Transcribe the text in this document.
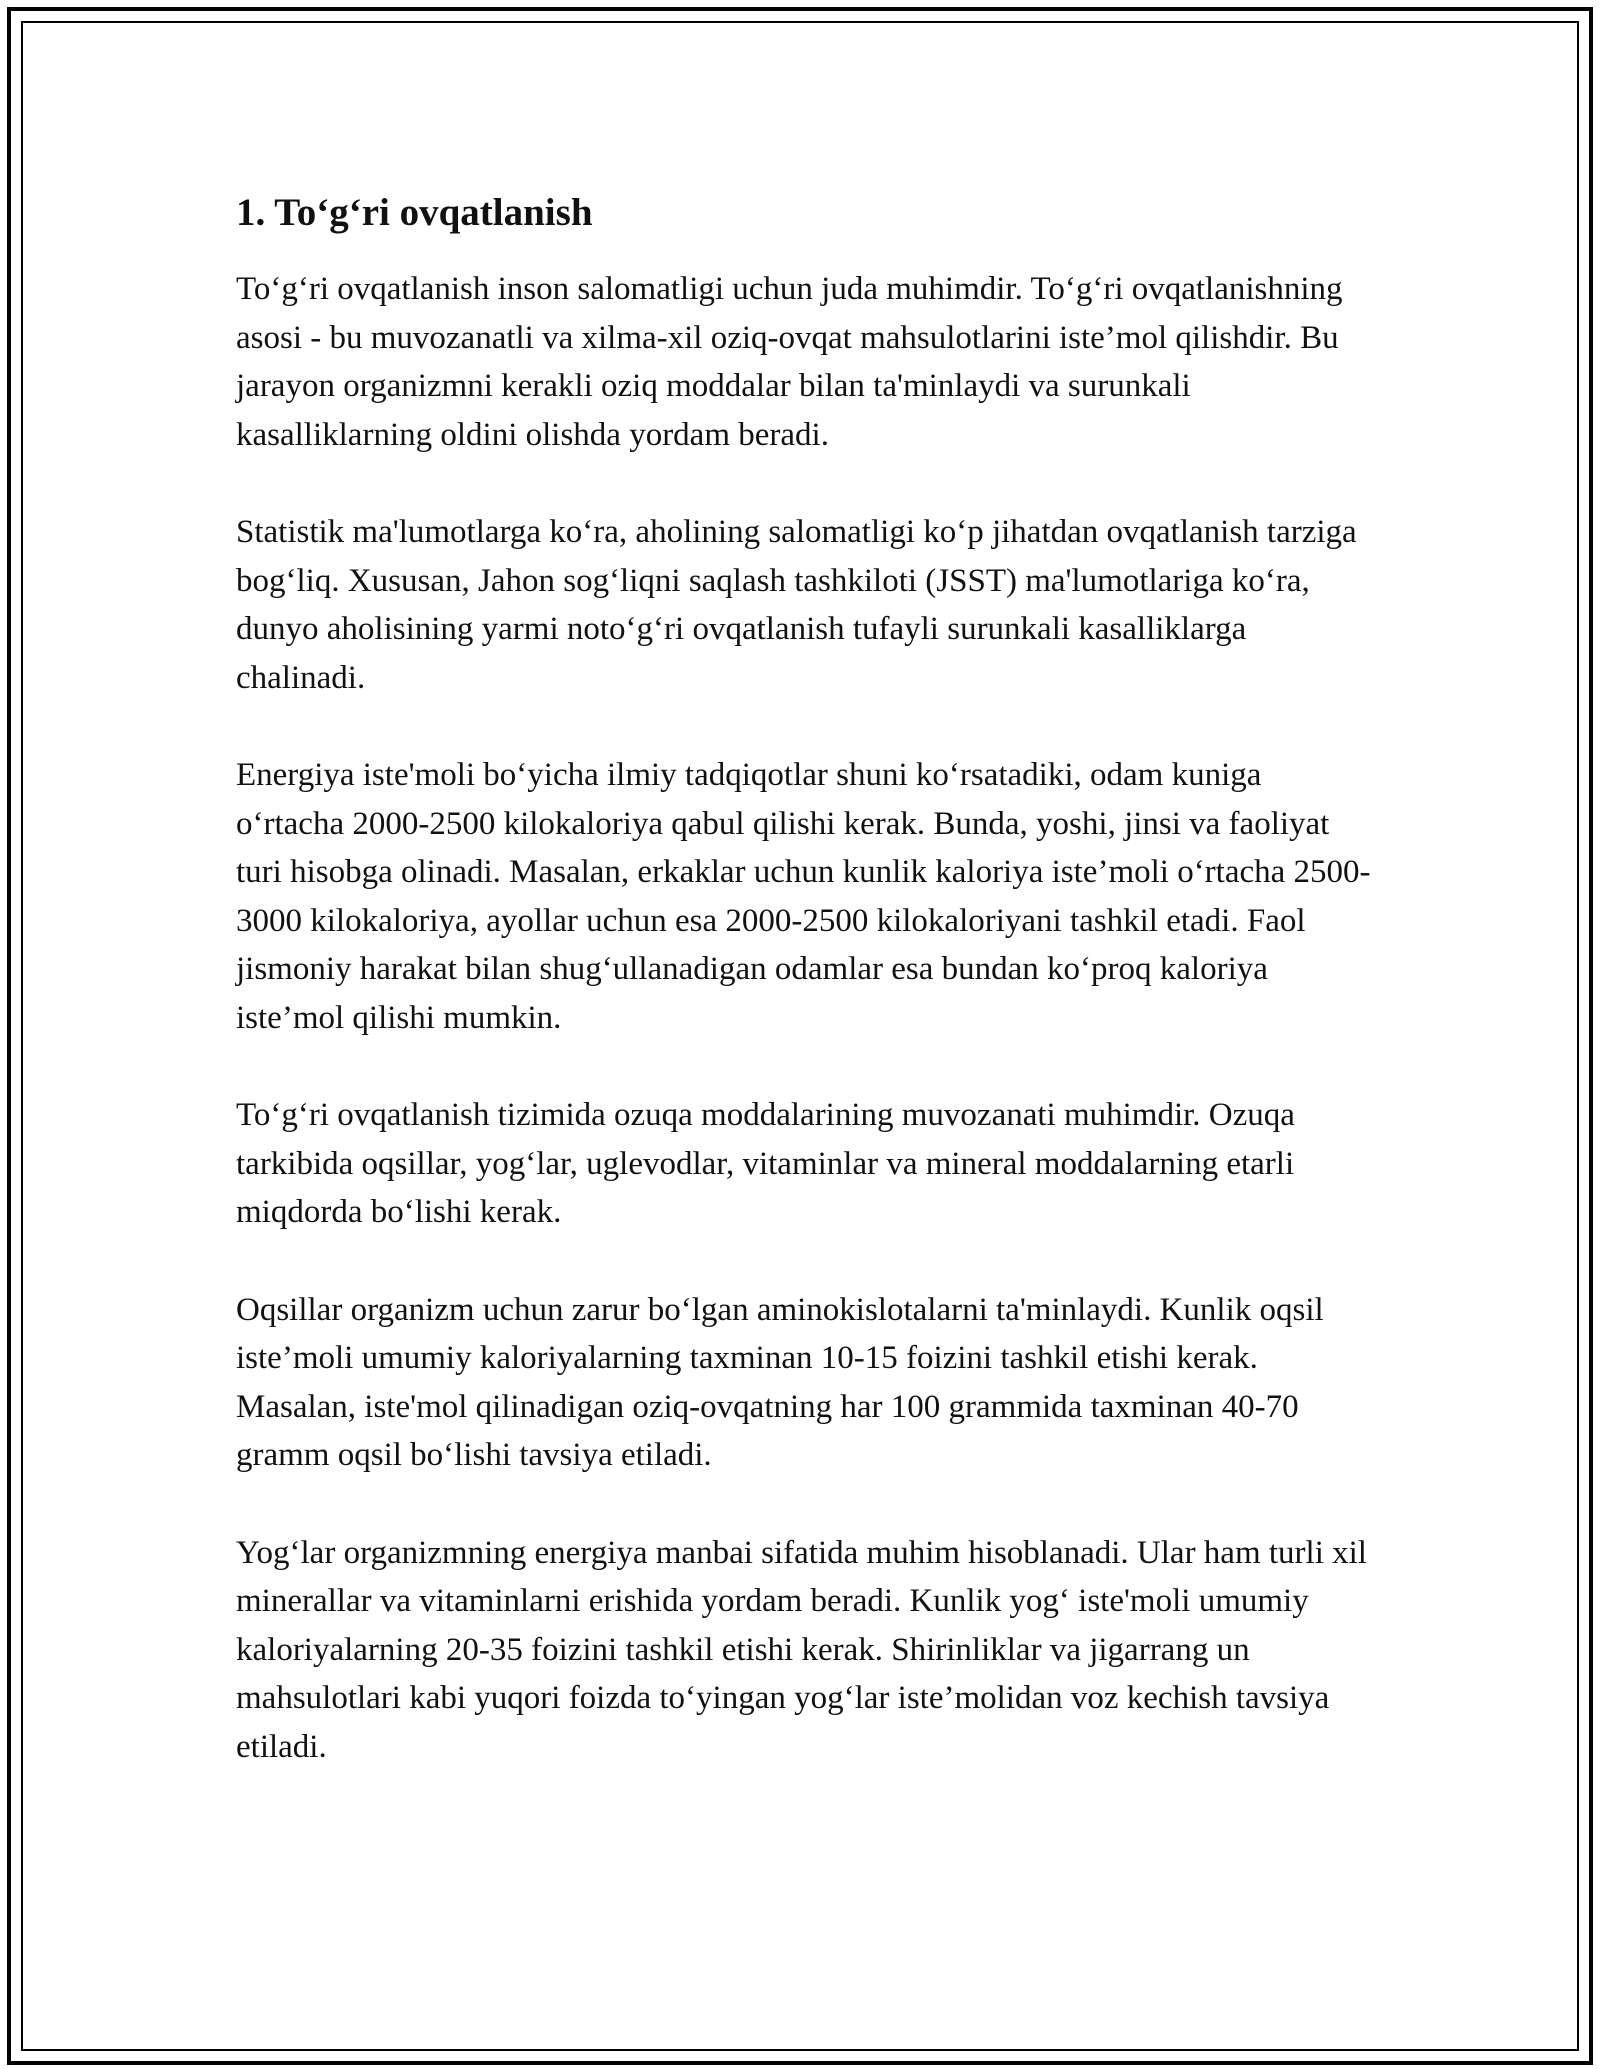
1. To‘g‘ri ovqatlanish

To‘g‘ri ovqatlanish inson salomatligi uchun juda muhimdir. To‘g‘ri ovqatlanishning asosi - bu muvozanatli va xilma-xil oziq-ovqat mahsulotlarini iste’mol qilishdir. Bu jarayon organizmni kerakli oziq moddalar bilan ta'minlaydi va surunkali kasalliklarning oldini olishda yordam beradi.

Statistik ma'lumotlarga ko‘ra, aholining salomatligi ko‘p jihatdan ovqatlanish tarziga bog‘liq. Xususan, Jahon sog‘liqni saqlash tashkiloti (JSST) ma'lumotlariga ko‘ra, dunyo aholisining yarmi noto‘g‘ri ovqatlanish tufayli surunkali kasalliklarga chalinadi.

Energiya iste'moli bo‘yicha ilmiy tadqiqotlar shuni ko‘rsatadiki, odam kuniga o‘rtacha 2000-2500 kilokaloriya qabul qilishi kerak. Bunda, yoshi, jinsi va faoliyat turi hisobga olinadi. Masalan, erkaklar uchun kunlik kaloriya iste’moli o‘rtacha 2500-3000 kilokaloriya, ayollar uchun esa 2000-2500 kilokaloriyani tashkil etadi. Faol jismoniy harakat bilan shug‘ullanadigan odamlar esa bundan ko‘proq kaloriya iste’mol qilishi mumkin.

To‘g‘ri ovqatlanish tizimida ozuqa moddalarining muvozanati muhimdir. Ozuqa tarkibida oqsillar, yog‘lar, uglevodlar, vitaminlar va mineral moddalarning etarli miqdorda bo‘lishi kerak.

Oqsillar organizm uchun zarur bo‘lgan aminokislotalarni ta'minlaydi. Kunlik oqsil iste’moli umumiy kaloriyalarning taxminan 10-15 foizini tashkil etishi kerak. Masalan, iste'mol qilinadigan oziq-ovqatning har 100 grammida taxminan 40-70 gramm oqsil bo‘lishi tavsiya etiladi.

Yog‘lar organizmning energiya manbai sifatida muhim hisoblanadi. Ular ham turli xil minerallar va vitaminlarni erishida yordam beradi. Kunlik yog‘ iste'moli umumiy kaloriyalarning 20-35 foizini tashkil etishi kerak. Shirinliklar va jigarrang un mahsulotlari kabi yuqori foizda to‘yingan yog‘lar iste’molidan voz kechish tavsiya etiladi.
